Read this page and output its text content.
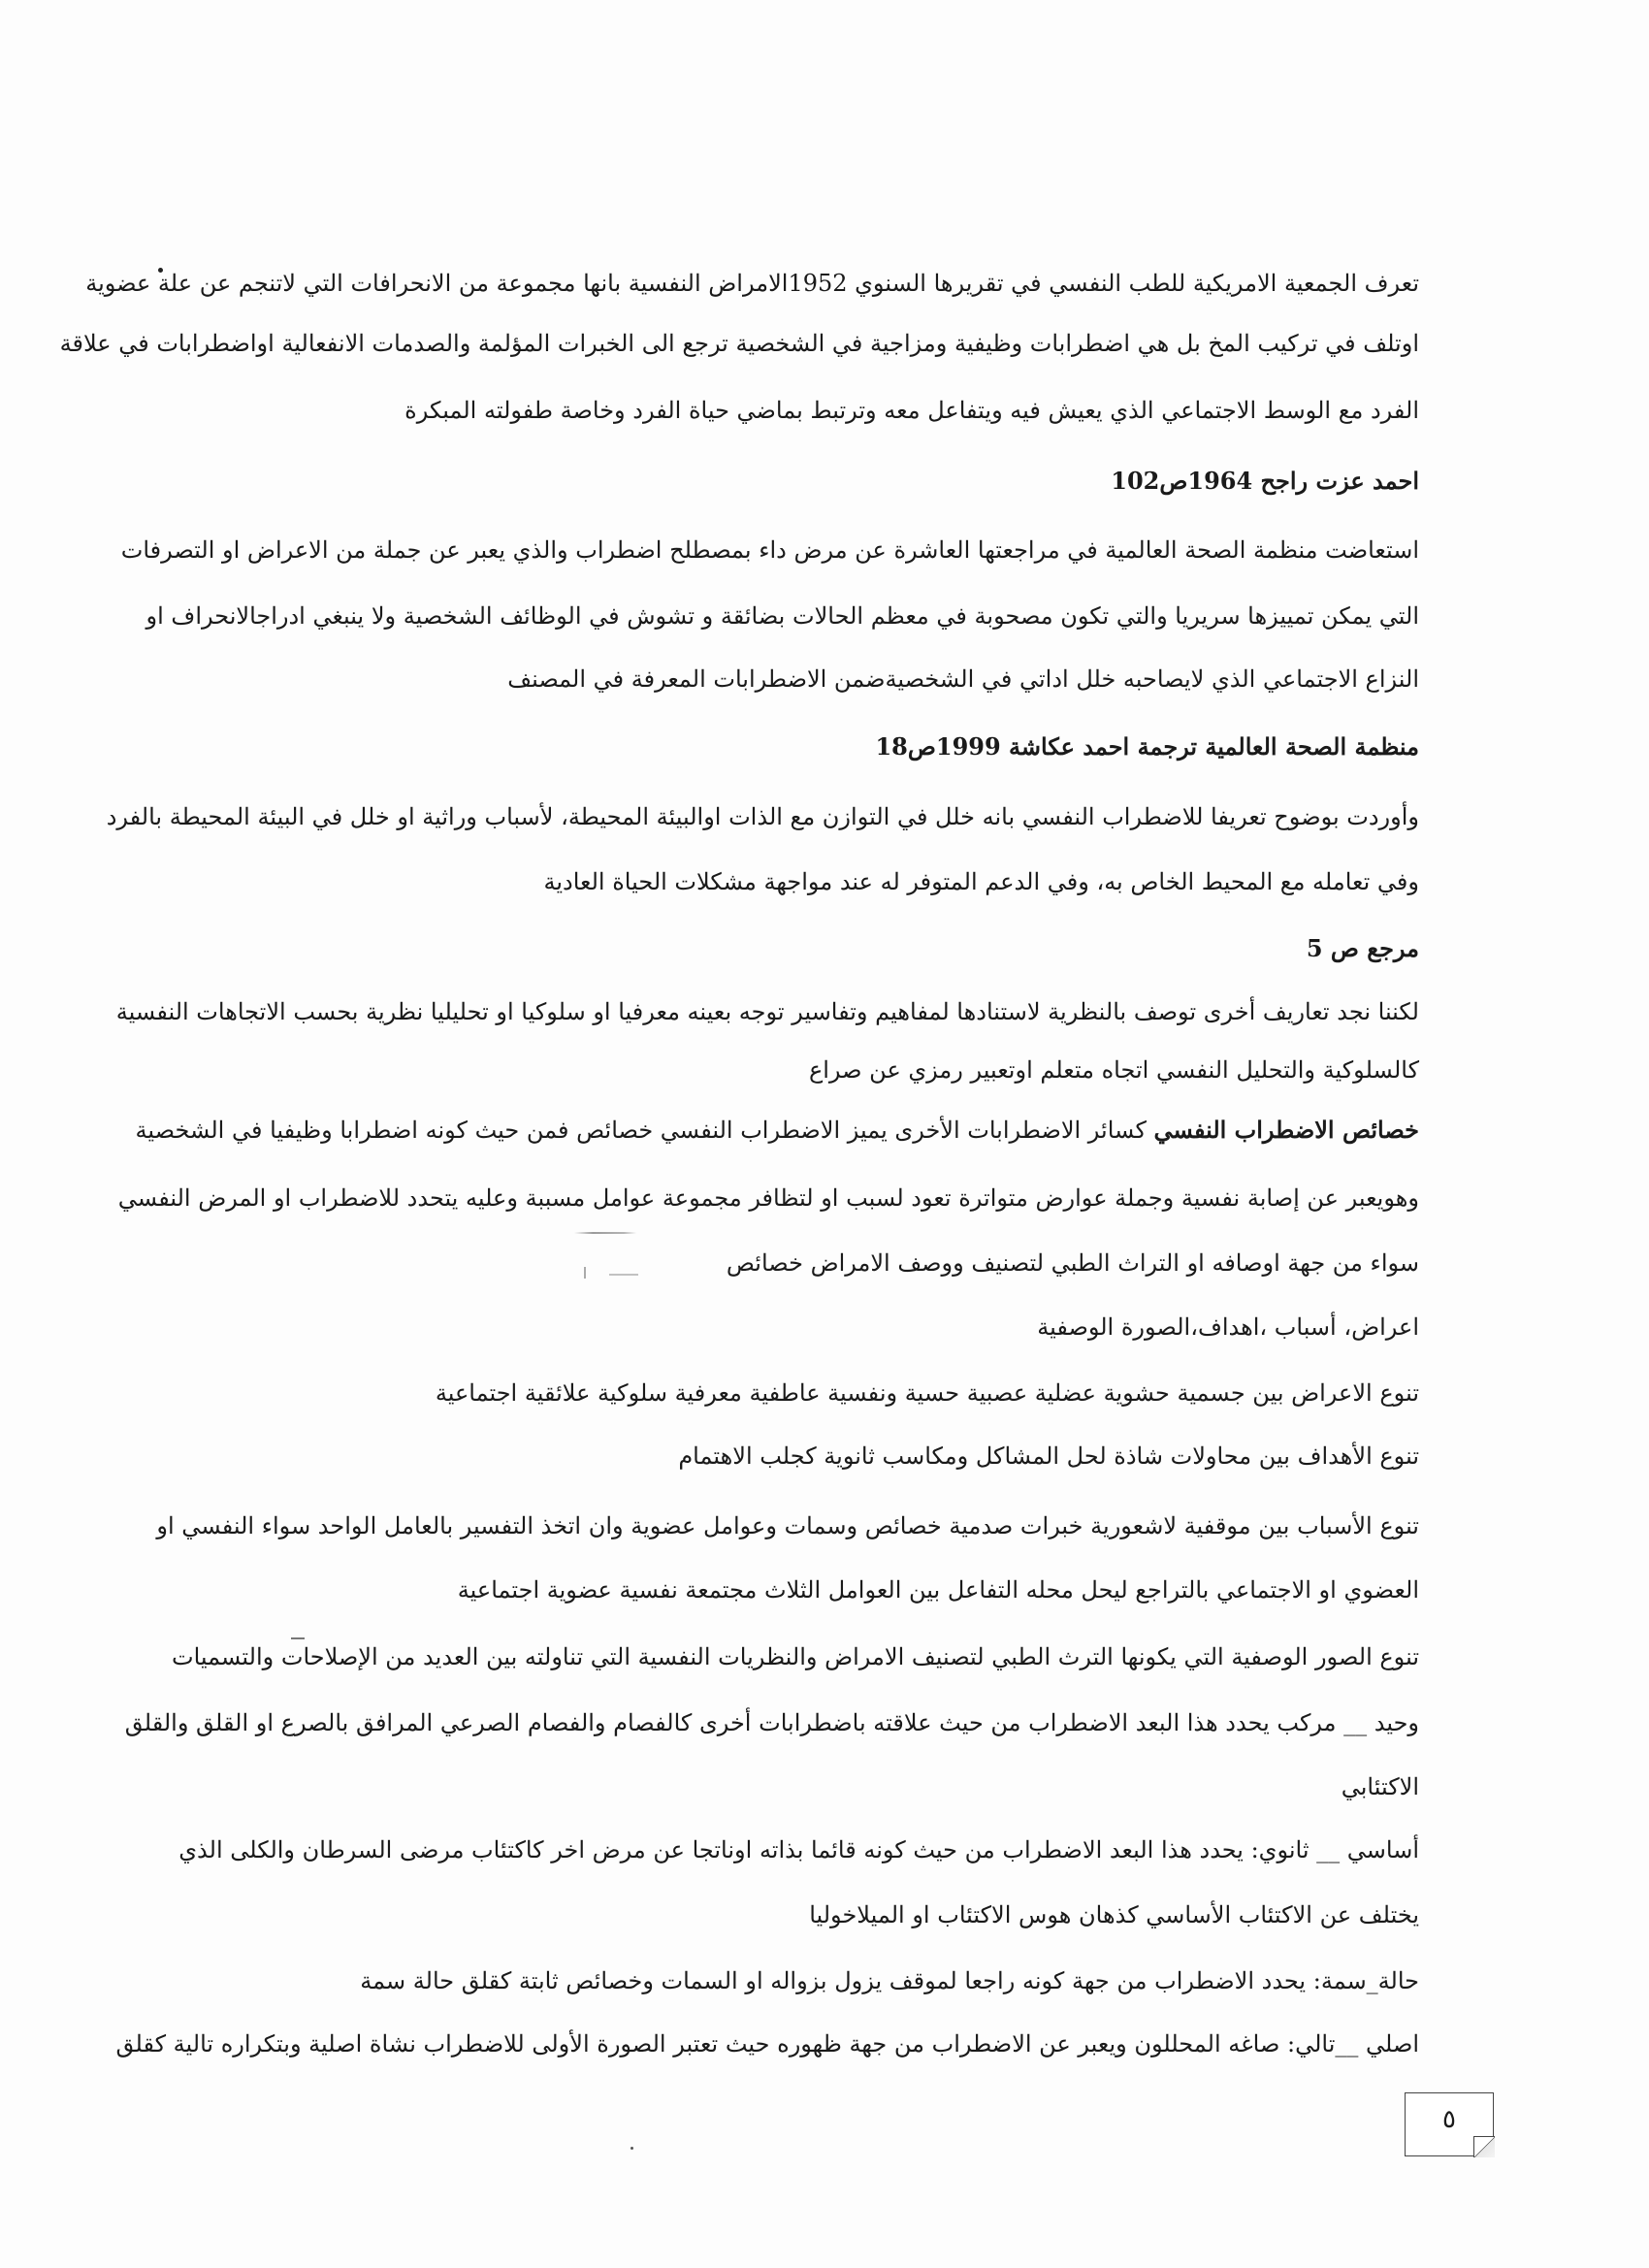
تعرف الجمعية الامريكية للطب النفسي في تقريرها السنوي 1952الامراض النفسية بانها مجموعة من الانحرافات التي لاتنجم عن علة عضوية
اوتلف في تركيب المخ بل هي اضطرابات وظيفية ومزاجية في الشخصية ترجع الى الخبرات المؤلمة والصدمات الانفعالية اواضطرابات في علاقة
الفرد مع الوسط الاجتماعي الذي يعيش فيه ويتفاعل معه وترتبط بماضي حياة الفرد وخاصة طفولته المبكرة
احمد عزت راجح 1964ص102
استعاضت منظمة الصحة العالمية في مراجعتها العاشرة عن مرض داء بمصطلح اضطراب والذي يعبر عن جملة من الاعراض او التصرفات
التي يمكن تمييزها سريريا والتي تكون مصحوبة في معظم الحالات بضائقة و تشوش في الوظائف الشخصية ولا ينبغي ادراجالانحراف او
النزاع الاجتماعي الذي لايصاحبه خلل اداتي في الشخصيةضمن الاضطرابات المعرفة في المصنف
منظمة الصحة العالمية ترجمة احمد عكاشة 1999ص18
وأوردت بوضوح تعريفا للاضطراب النفسي بانه خلل في التوازن مع الذات اوالبيئة المحيطة، لأسباب وراثية او خلل في البيئة المحيطة بالفرد
وفي تعامله مع المحيط الخاص به، وفي الدعم المتوفر له عند مواجهة مشكلات الحياة العادية
مرجع ص 5
لكننا نجد تعاريف أخرى توصف بالنظرية لاستنادها لمفاهيم وتفاسير توجه بعينه معرفيا او سلوكيا او تحليليا نظرية بحسب الاتجاهات النفسية
كالسلوكية والتحليل النفسي اتجاه متعلم اوتعبير رمزي عن صراع
خصائص الاضطراب النفسي كسائر الاضطرابات الأخرى يميز الاضطراب النفسي خصائص فمن حيث كونه اضطرابا وظيفيا في الشخصية
وهويعبر عن إصابة نفسية وجملة عوارض متواترة تعود لسبب او لتظافر مجموعة عوامل مسببة وعليه يتحدد للاضطراب او المرض النفسي
سواء من جهة اوصافه او التراث الطبي لتصنيف ووصف الامراض خصائص
اعراض، أسباب ،اهداف،الصورة الوصفية
تنوع الاعراض بين جسمية حشوية عضلية عصبية حسية ونفسية عاطفية معرفية سلوكية علائقية اجتماعية
تنوع الأهداف بين محاولات شاذة لحل المشاكل ومكاسب ثانوية كجلب الاهتمام
تنوع الأسباب بين موقفية لاشعورية خبرات صدمية خصائص وسمات وعوامل عضوية وان اتخذ التفسير بالعامل الواحد سواء النفسي او
العضوي او الاجتماعي بالتراجع ليحل محله التفاعل بين العوامل الثلاث مجتمعة نفسية عضوية اجتماعية
تنوع الصور الوصفية التي يكونها الترث الطبي لتصنيف الامراض والنظريات النفسية التي تناولته بين العديد من الإصلاحات والتسميات
وحيد __ مركب يحدد هذا البعد الاضطراب من حيث علاقته باضطرابات أخرى كالفصام والفصام الصرعي المرافق بالصرع او القلق والقلق
الاكتئابي
أساسي __ ثانوي: يحدد هذا البعد الاضطراب من حيث كونه قائما بذاته اوناتجا عن مرض اخر كاكتئاب مرضى السرطان والكلى الذي
يختلف عن الاكتئاب الأساسي كذهان هوس الاكتئاب او الميلاخوليا
حالة_سمة: يحدد الاضطراب من جهة كونه راجعا لموقف يزول بزواله او السمات وخصائص ثابتة كقلق حالة سمة
اصلي __تالي: صاغه المحللون ويعبر عن الاضطراب من جهة ظهوره حيث تعتبر الصورة الأولى للاضطراب نشاة اصلية وبتكراره تالية كقلق
٥
